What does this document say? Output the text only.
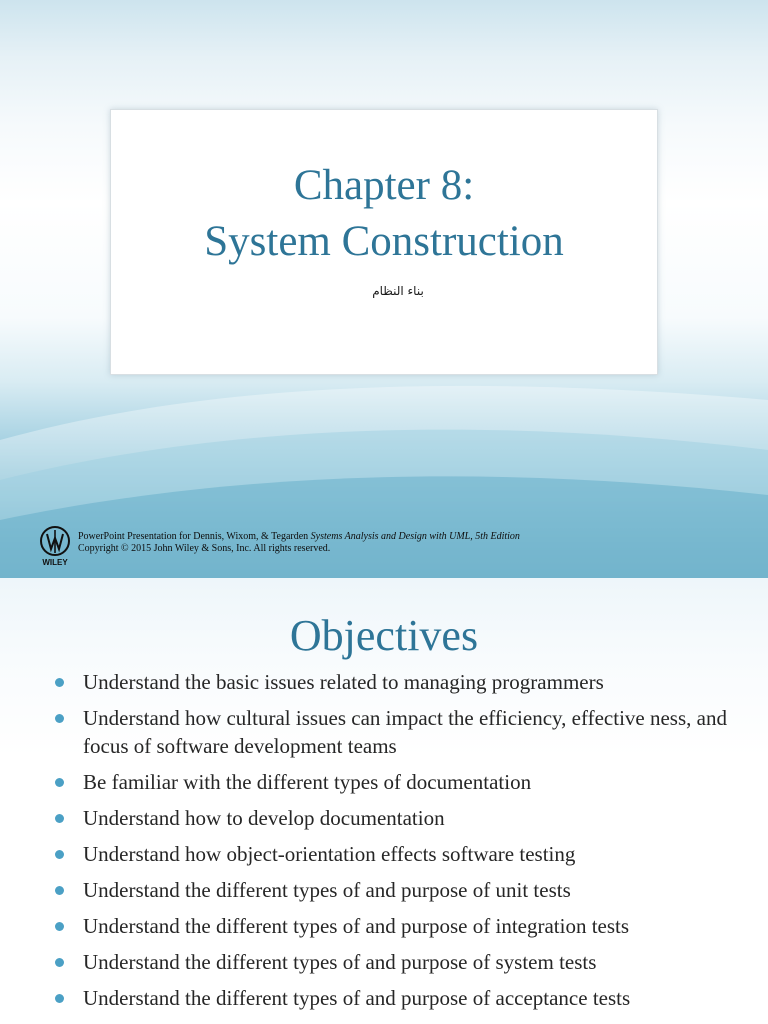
Chapter 8:
System Construction
بناء النظام
WILEY
PowerPoint Presentation for Dennis, Wixom, & Tegarden Systems Analysis and Design with UML, 5th Edition
Copyright © 2015 John Wiley & Sons, Inc. All rights reserved.
Objectives
Understand the basic issues related to managing programmers
Understand how cultural issues can impact the efficiency, effective ness, and focus of software development teams
Be familiar with the different types of documentation
Understand how to develop documentation
Understand how object-orientation effects software testing
Understand the different types of and purpose of unit tests
Understand the different types of and purpose of integration tests
Understand the different types of and purpose of system tests
Understand the different types of and purpose of acceptance tests
